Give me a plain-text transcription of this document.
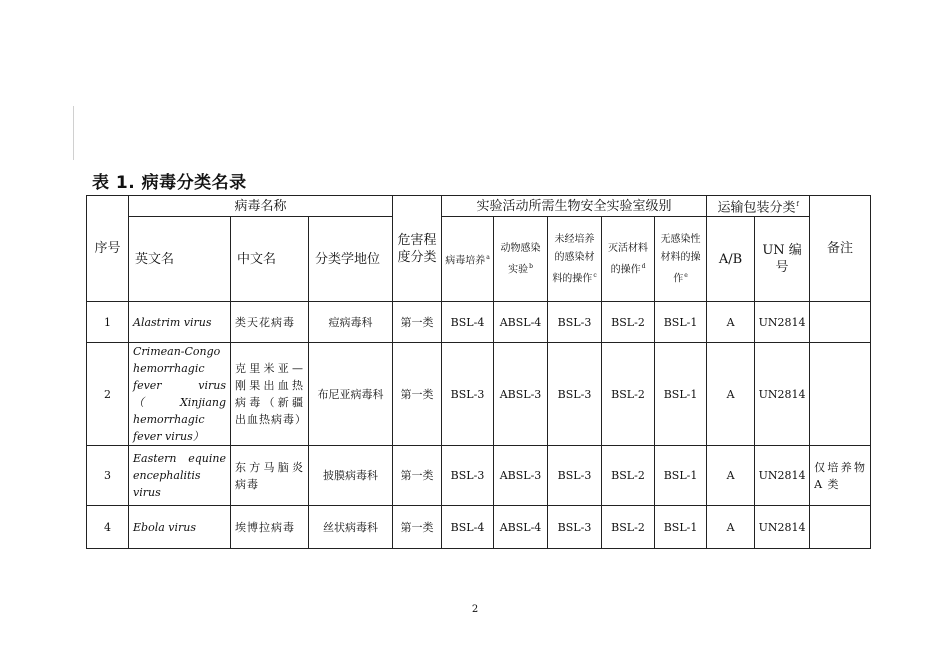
表 1. 病毒分类名录
序号	病毒名称			危害程度分类	实验活动所需生物安全实验室级别					运输包装分类$^f$		备注
	英文名	中文名	分类学地位		病毒培养$^a$	动物感染实验$^b$	未经培养的感染材料的操作$^c$	灭活材料的操作$^d$	无感染性材料的操作$^e$	A/B	UN 编号	
1	Alastrim virus	类天花病毒	痘病毒科	第一类	BSL-4	ABSL-4	BSL-3	BSL-2	BSL-1	A	UN2814	
2	Crimean-Congo hemorrhagic fever virus （Xinjiang hemorrhagic fever virus）	克里米亚—刚果出血热病毒（新疆出血热病毒）	布尼亚病毒科	第一类	BSL-3	ABSL-3	BSL-3	BSL-2	BSL-1	A	UN2814	
3	Eastern equine encephalitis virus	东方马脑炎病毒	披膜病毒科	第一类	BSL-3	ABSL-3	BSL-3	BSL-2	BSL-1	A	UN2814	仅培养物 A 类
4	Ebola virus	埃博拉病毒	丝状病毒科	第一类	BSL-4	ABSL-4	BSL-3	BSL-2	BSL-1	A	UN2814	
2
